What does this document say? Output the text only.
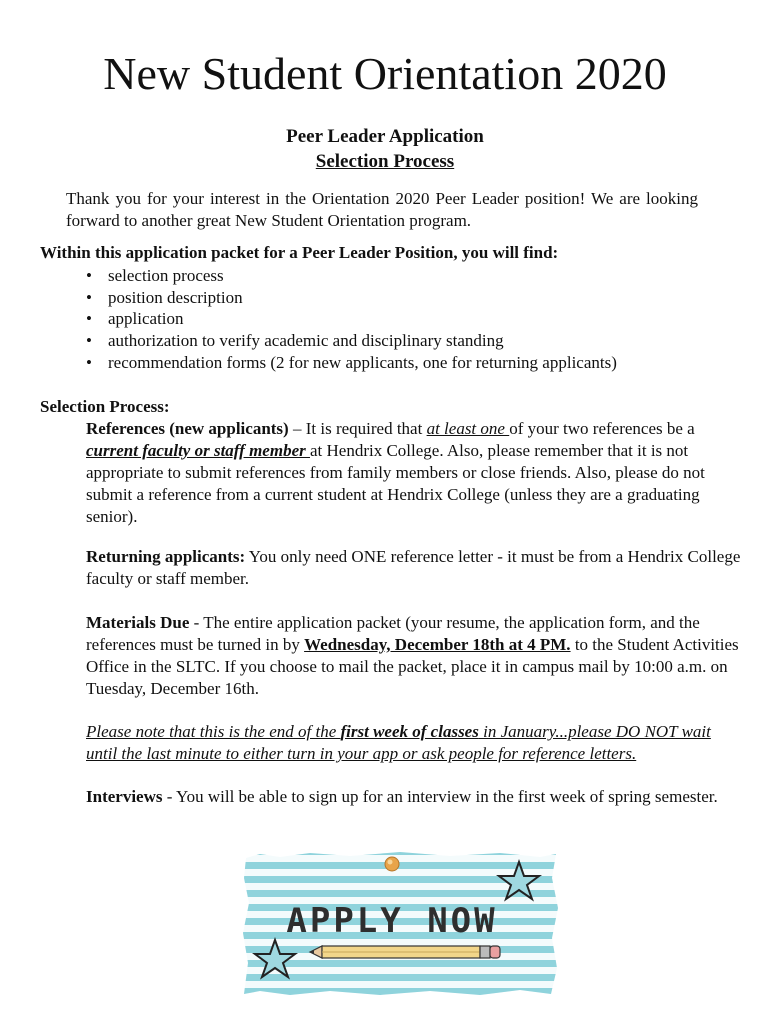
New Student Orientation 2020
Peer Leader Application
Selection Process
Thank you for your interest in the Orientation 2020 Peer Leader position! We are looking forward to another great New Student Orientation program.
Within this application packet for a Peer Leader Position, you will find:
• selection process
• position description
• application
• authorization to verify academic and disciplinary standing
• recommendation forms (2 for new applicants, one for returning applicants)
Selection Process:
References (new applicants) – It is required that at least one of your two references be a current faculty or staff member at Hendrix College. Also, please remember that it is not appropriate to submit references from family members or close friends. Also, please do not submit a reference from a current student at Hendrix College (unless they are a graduating senior).
Returning applicants: You only need ONE reference letter - it must be from a Hendrix College faculty or staff member.
Materials Due - The entire application packet (your resume, the application form, and the references must be turned in by Wednesday, December 18th at 4 PM. to the Student Activities Office in the SLTC. If you choose to mail the packet, place it in campus mail by 10:00 a.m. on Tuesday, December 16th.
Please note that this is the end of the first week of classes in January...please DO NOT wait until the last minute to either turn in your app or ask people for reference letters.
Interviews - You will be able to sign up for an interview in the first week of spring semester.
APPLY NOW
